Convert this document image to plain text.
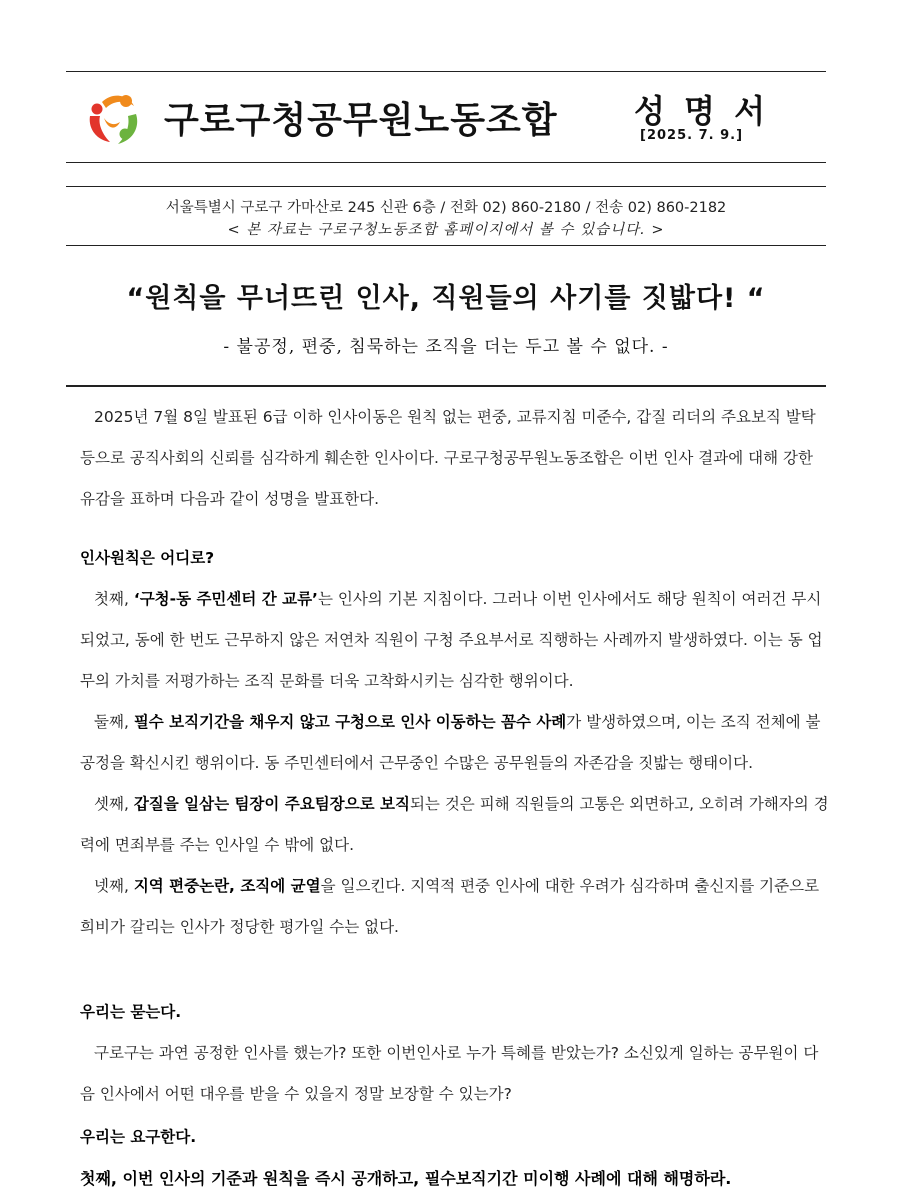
구로구청공무원노동조합 성 명 서
[2025. 7. 9.]
서울특별시 구로구 가마산로 245 신관 6층 / 전화 02) 860-2180 / 전송 02) 860-2182
< 본 자료는 구로구청노동조합 홈페이지에서 볼 수 있습니다. >
“원칙을 무너뜨린 인사, 직원들의 사기를 짓밟다! “
- 불공정, 편중, 침묵하는 조직을 더는 두고 볼 수 없다. -

2025년 7월 8일 발표된 6급 이하 인사이동은 원칙 없는 편중, 교류지침 미준수, 갑질 리더의 주요보직 발탁 등으로 공직사회의 신뢰를 심각하게 훼손한 인사이다. 구로구청공무원노동조합은 이번 인사 결과에 대해 강한 유감을 표하며 다음과 같이 성명을 발표한다.

인사원칙은 어디로?

첫째, ‘구청-동 주민센터 간 교류’는 인사의 기본 지침이다. 그러나 이번 인사에서도 해당 원칙이 여러건 무시되었고, 동에 한 번도 근무하지 않은 저연차 직원이 구청 주요부서로 직행하는 사례까지 발생하였다. 이는 동 업무의 가치를 저평가하는 조직 문화를 더욱 고착화시키는 심각한 행위이다.

둘째, 필수 보직기간을 채우지 않고 구청으로 인사 이동하는 꼼수 사례가 발생하였으며, 이는 조직 전체에 불공정을 확신시킨 행위이다. 동 주민센터에서 근무중인 수많은 공무원들의 자존감을 짓밟는 행태이다.

셋째, 갑질을 일삼는 팀장이 주요팀장으로 보직되는 것은 피해 직원들의 고통은 외면하고, 오히려 가해자의 경력에 면죄부를 주는 인사일 수 밖에 없다.

넷째, 지역 편중논란, 조직에 균열을 일으킨다. 지역적 편중 인사에 대한 우려가 심각하며 출신지를 기준으로 희비가 갈리는 인사가 정당한 평가일 수는 없다.

우리는 묻는다.

구로구는 과연 공정한 인사를 했는가? 또한 이번인사로 누가 특혜를 받았는가? 소신있게 일하는 공무원이 다음 인사에서 어떤 대우를 받을 수 있을지 정말 보장할 수 있는가?

우리는 요구한다.

첫째, 이번 인사의 기준과 원칙을 즉시 공개하고, 필수보직기간 미이행 사례에 대해 해명하라.
